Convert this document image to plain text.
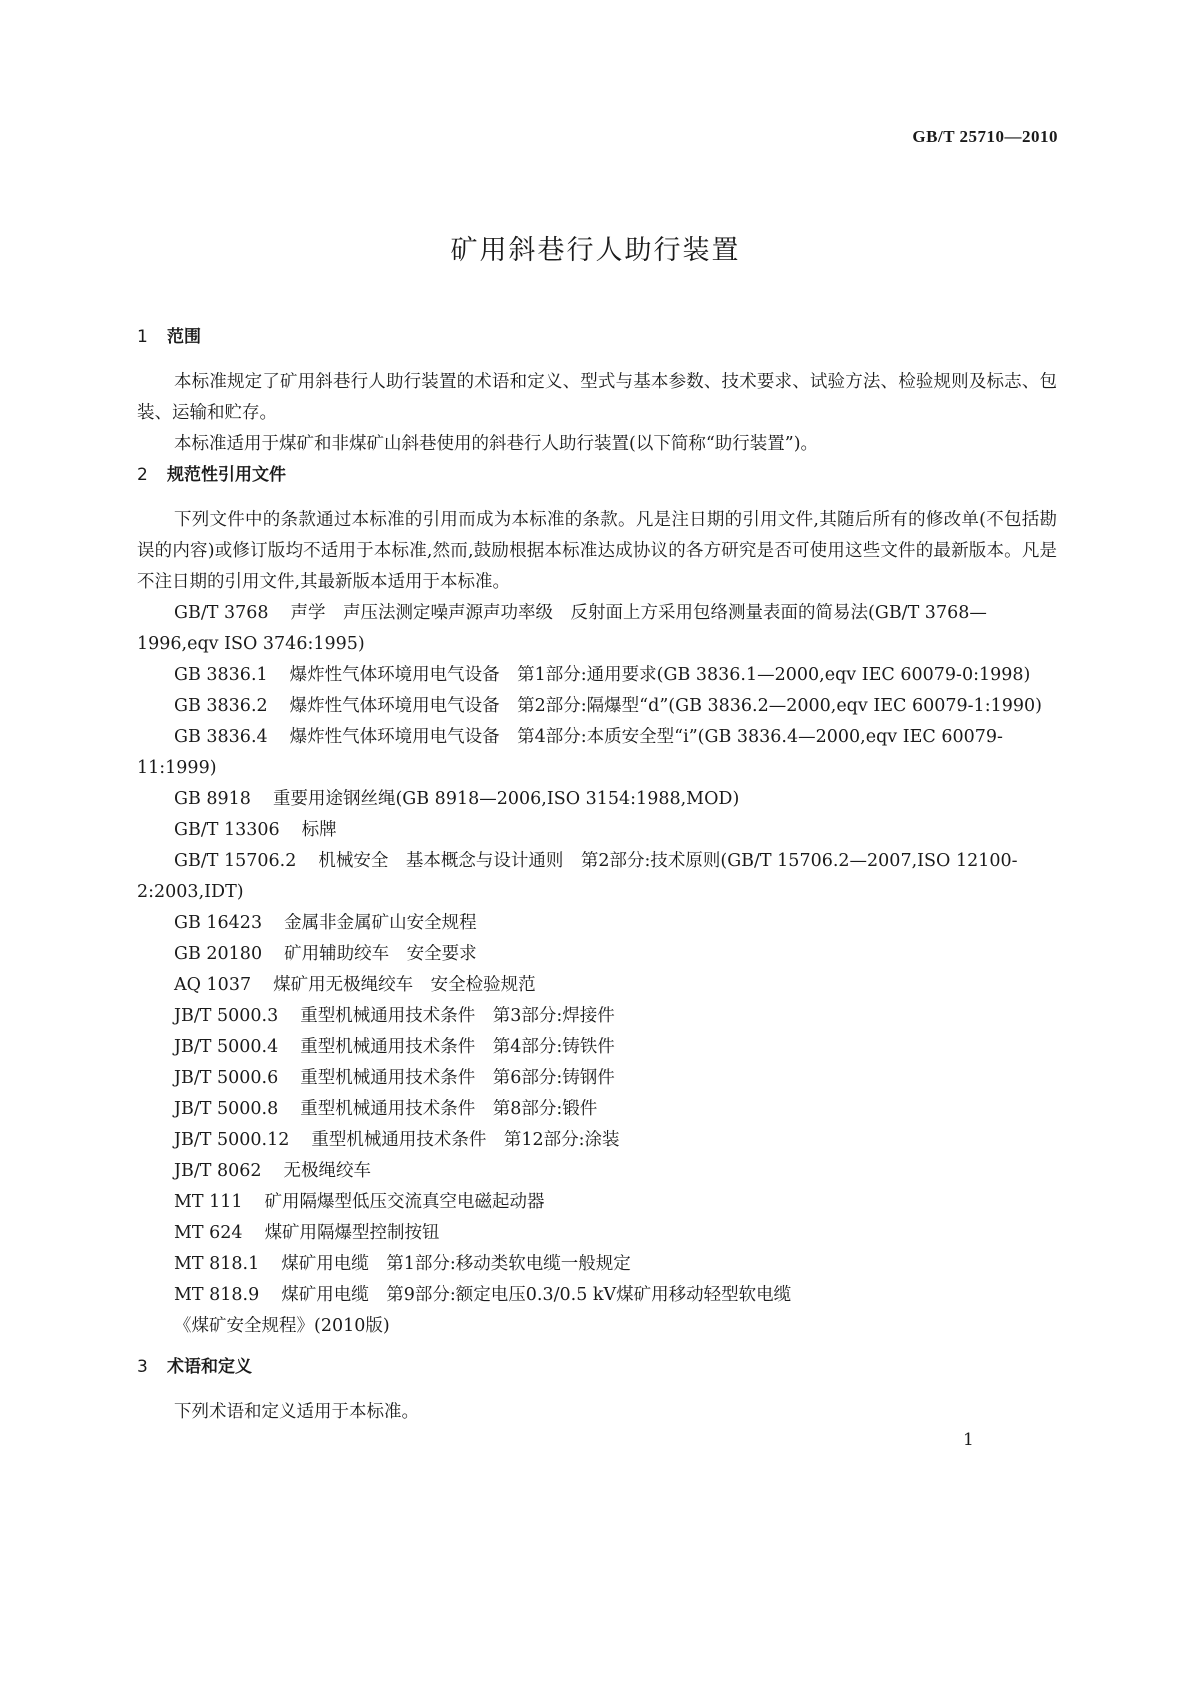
GB/T 25710—2010
矿用斜巷行人助行装置
1 范围

本标准规定了矿用斜巷行人助行装置的术语和定义、型式与基本参数、技术要求、试验方法、检验规则及标志、包装、运输和贮存。

本标准适用于煤矿和非煤矿山斜巷使用的斜巷行人助行装置(以下简称“助行装置”)。

2 规范性引用文件

下列文件中的条款通过本标准的引用而成为本标准的条款。凡是注日期的引用文件,其随后所有的修改单(不包括勘误的内容)或修订版均不适用于本标准,然而,鼓励根据本标准达成协议的各方研究是否可使用这些文件的最新版本。凡是不注日期的引用文件,其最新版本适用于本标准。

GB/T 3768 声学　声压法测定噪声源声功率级　反射面上方采用包络测量表面的简易法(GB/T 3768—1996,eqv ISO 3746:1995)

GB 3836.1 爆炸性气体环境用电气设备　第1部分:通用要求(GB 3836.1—2000,eqv IEC 60079-0:1998)

GB 3836.2 爆炸性气体环境用电气设备　第2部分:隔爆型“d”(GB 3836.2—2000,eqv IEC 60079-1:1990)

GB 3836.4 爆炸性气体环境用电气设备　第4部分:本质安全型“i”(GB 3836.4—2000,eqv IEC 60079-11:1999)

GB 8918 重要用途钢丝绳(GB 8918—2006,ISO 3154:1988,MOD)

GB/T 13306 标牌

GB/T 15706.2 机械安全　基本概念与设计通则　第2部分:技术原则(GB/T 15706.2—2007,ISO 12100-2:2003,IDT)

GB 16423 金属非金属矿山安全规程

GB 20180 矿用辅助绞车　安全要求

AQ 1037 煤矿用无极绳绞车　安全检验规范

JB/T 5000.3 重型机械通用技术条件　第3部分:焊接件

JB/T 5000.4 重型机械通用技术条件　第4部分:铸铁件

JB/T 5000.6 重型机械通用技术条件　第6部分:铸钢件

JB/T 5000.8 重型机械通用技术条件　第8部分:锻件

JB/T 5000.12 重型机械通用技术条件　第12部分:涂装

JB/T 8062 无极绳绞车

MT 111 矿用隔爆型低压交流真空电磁起动器

MT 624 煤矿用隔爆型控制按钮

MT 818.1 煤矿用电缆　第1部分:移动类软电缆一般规定

MT 818.9 煤矿用电缆　第9部分:额定电压0.3/0.5 kV煤矿用移动轻型软电缆

《煤矿安全规程》(2010版)

3 术语和定义

下列术语和定义适用于本标准。

1
